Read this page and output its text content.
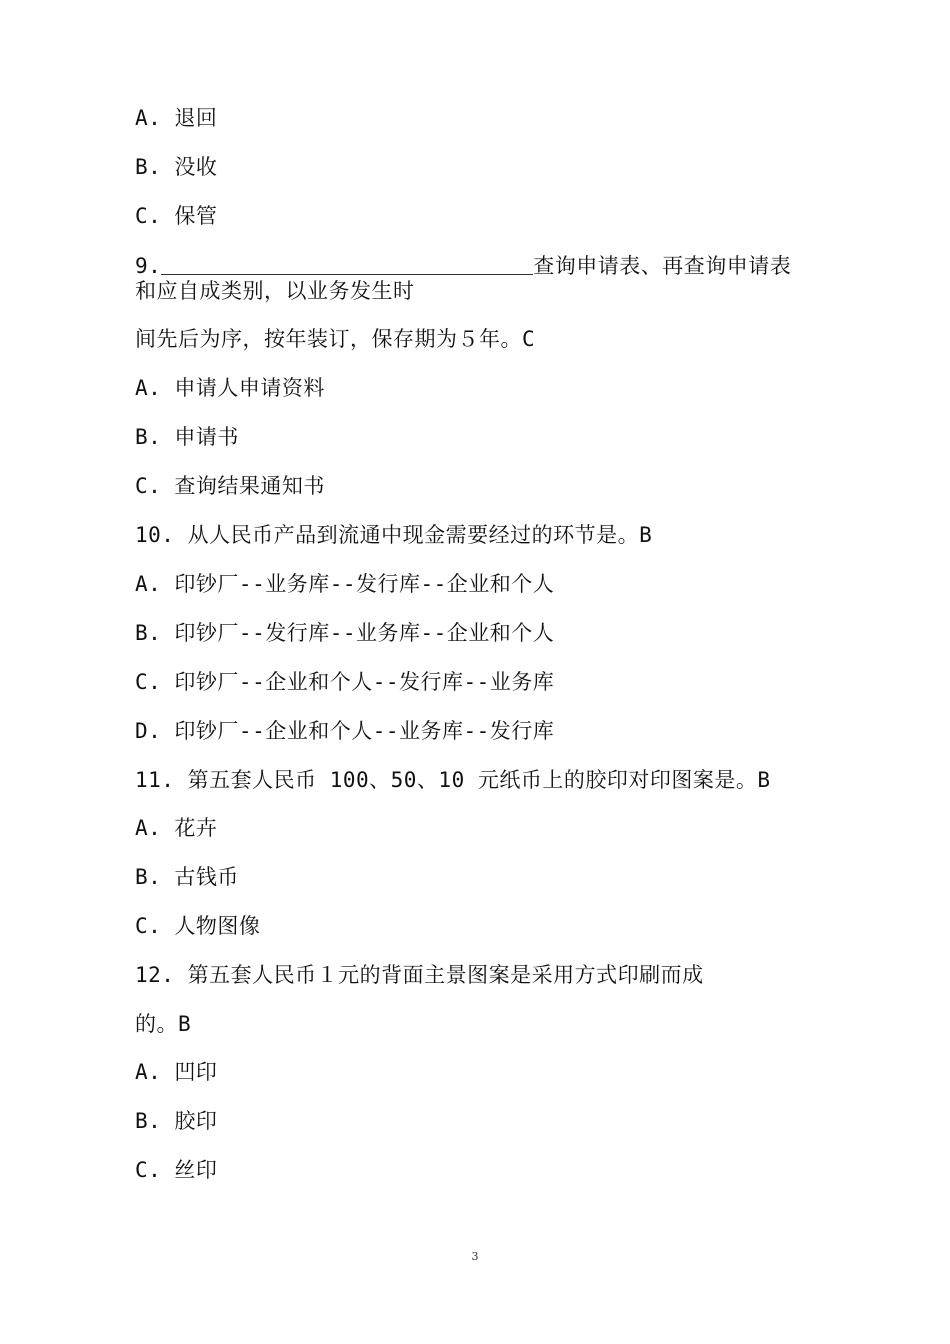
A. 退回
B. 没收
C. 保管
9.	查询申请表、再查询申请表
和应自成类别，以业务发生时
间先后为序，按年装订，保存期为５年。C
A. 申请人申请资料
B. 申请书
C. 查询结果通知书
10. 从人民币产品到流通中现金需要经过的环节是。B
A. 印钞厂--业务库--发行库--企业和个人
B. 印钞厂--发行库--业务库--企业和个人
C. 印钞厂--企业和个人--发行库--业务库
D. 印钞厂--企业和个人--业务库--发行库
11. 第五套人民币 100、50、10 元纸币上的胶印对印图案是。B
A. 花卉
B. 古钱币
C. 人物图像
12. 第五套人民币１元的背面主景图案是采用方式印刷而成
的。B
A. 凹印
B. 胶印
C. 丝印
3
